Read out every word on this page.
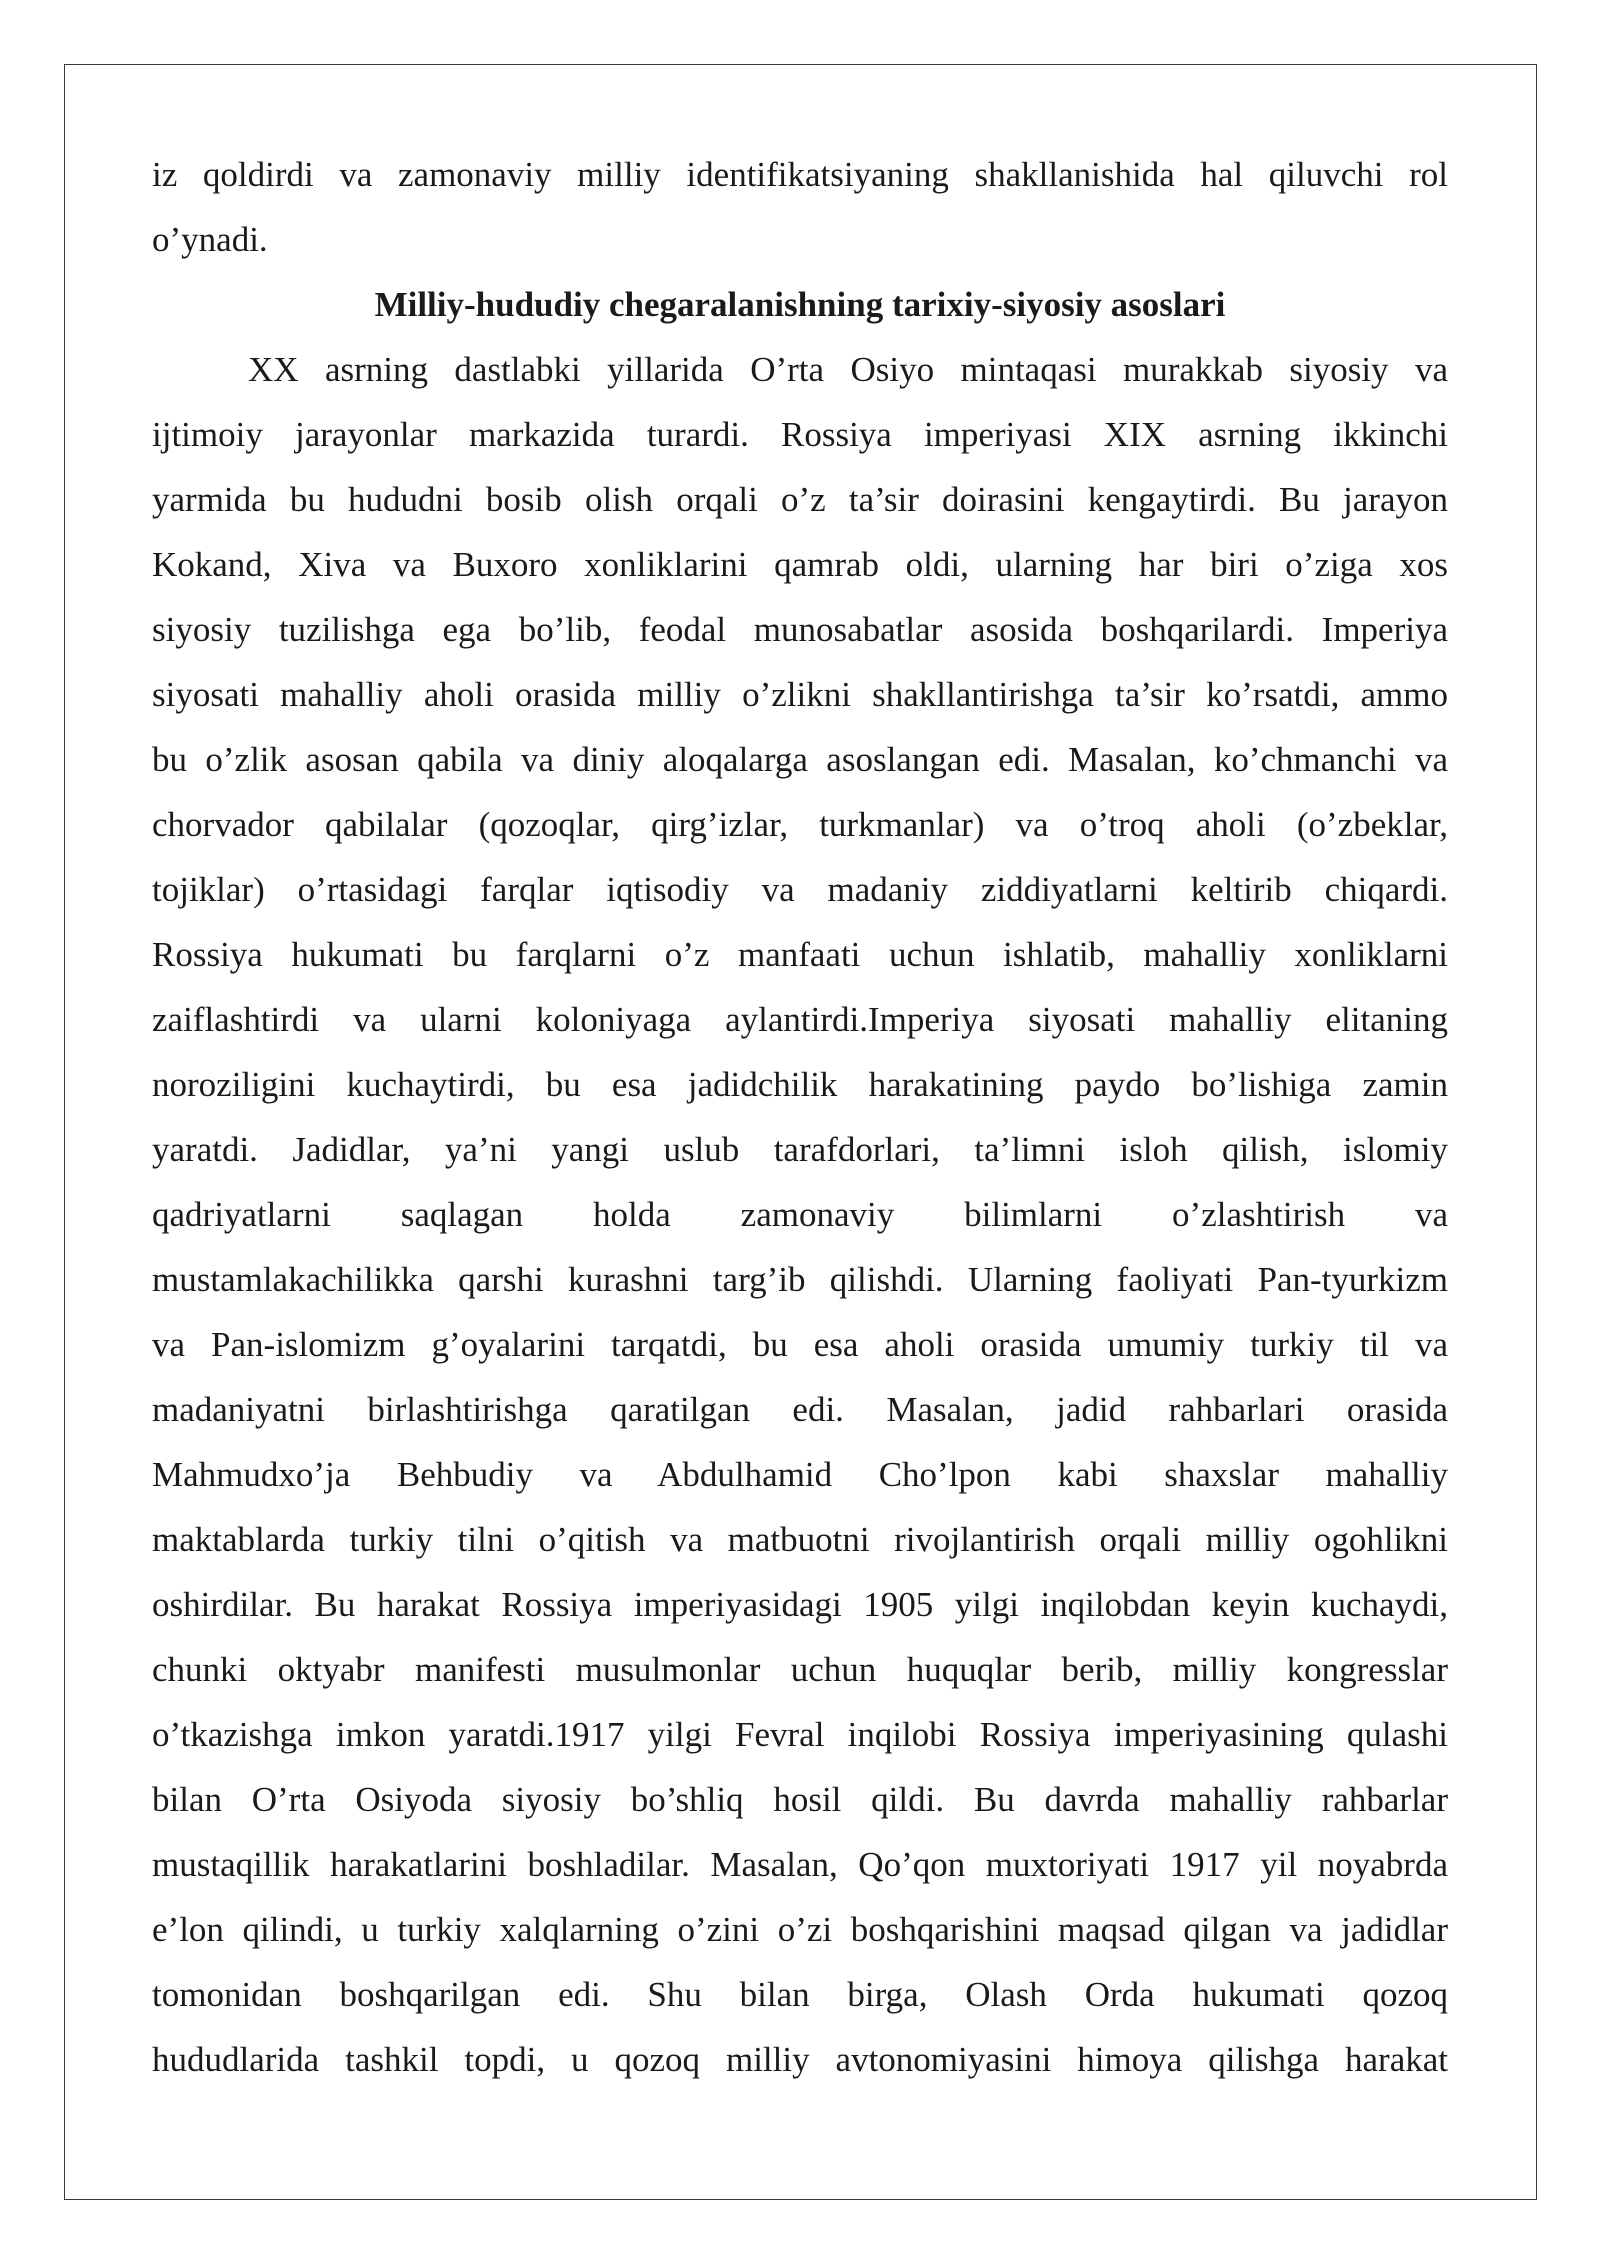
iz qoldirdi va zamonaviy milliy identifikatsiyaning shakllanishida hal qiluvchi rol
o’ynadi.
Milliy-hududiy chegaralanishning tarixiy-siyosiy asoslari
XX asrning dastlabki yillarida O’rta Osiyo mintaqasi murakkab siyosiy va
ijtimoiy jarayonlar markazida turardi. Rossiya imperiyasi XIX asrning ikkinchi
yarmida bu hududni bosib olish orqali o’z ta’sir doirasini kengaytirdi. Bu jarayon
Kokand, Xiva va Buxoro xonliklarini qamrab oldi, ularning har biri o’ziga xos
siyosiy tuzilishga ega bo’lib, feodal munosabatlar asosida boshqarilardi. Imperiya
siyosati mahalliy aholi orasida milliy o’zlikni shakllantirishga ta’sir ko’rsatdi, ammo
bu o’zlik asosan qabila va diniy aloqalarga asoslangan edi. Masalan, ko’chmanchi va
chorvador qabilalar (qozoqlar, qirg’izlar, turkmanlar) va o’troq aholi (o’zbeklar,
tojiklar) o’rtasidagi farqlar iqtisodiy va madaniy ziddiyatlarni keltirib chiqardi.
Rossiya hukumati bu farqlarni o’z manfaati uchun ishlatib, mahalliy xonliklarni
zaiflashtirdi va ularni koloniyaga aylantirdi.Imperiya siyosati mahalliy elitaning
noroziligini kuchaytirdi, bu esa jadidchilik harakatining paydo bo’lishiga zamin
yaratdi. Jadidlar, ya’ni yangi uslub tarafdorlari, ta’limni isloh qilish, islomiy
qadriyatlarni saqlagan holda zamonaviy bilimlarni o’zlashtirish va
mustamlakachilikka qarshi kurashni targ’ib qilishdi. Ularning faoliyati Pan-tyurkizm
va Pan-islomizm g’oyalarini tarqatdi, bu esa aholi orasida umumiy turkiy til va
madaniyatni birlashtirishga qaratilgan edi. Masalan, jadid rahbarlari orasida
Mahmudxo’ja Behbudiy va Abdulhamid Cho’lpon kabi shaxslar mahalliy
maktablarda turkiy tilni o’qitish va matbuotni rivojlantirish orqali milliy ogohlikni
oshirdilar. Bu harakat Rossiya imperiyasidagi 1905 yilgi inqilobdan keyin kuchaydi,
chunki oktyabr manifesti musulmonlar uchun huquqlar berib, milliy kongresslar
o’tkazishga imkon yaratdi.1917 yilgi Fevral inqilobi Rossiya imperiyasining qulashi
bilan O’rta Osiyoda siyosiy bo’shliq hosil qildi. Bu davrda mahalliy rahbarlar
mustaqillik harakatlarini boshladilar. Masalan, Qo’qon muxtoriyati 1917 yil noyabrda
e’lon qilindi, u turkiy xalqlarning o’zini o’zi boshqarishini maqsad qilgan va jadidlar
tomonidan boshqarilgan edi. Shu bilan birga, Olash Orda hukumati qozoq
hududlarida tashkil topdi, u qozoq milliy avtonomiyasini himoya qilishga harakat
